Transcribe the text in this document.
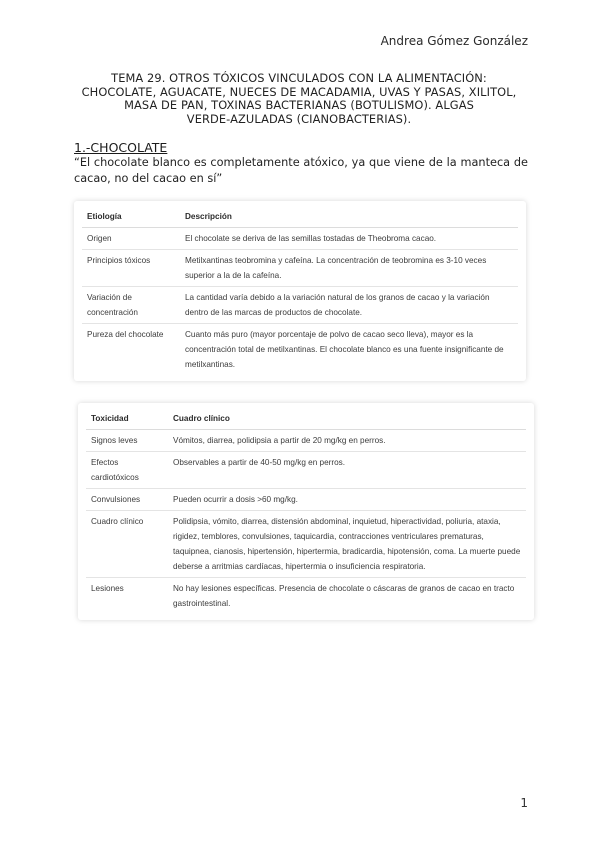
Andrea Gómez González
TEMA 29. OTROS TÓXICOS VINCULADOS CON LA ALIMENTACIÓN:
CHOCOLATE, AGUACATE, NUECES DE MACADAMIA, UVAS Y PASAS, XILITOL,
MASA DE PAN, TOXINAS BACTERIANAS (BOTULISMO). ALGAS
VERDE-AZULADAS (CIANOBACTERIAS).
1.-CHOCOLATE
“El chocolate blanco es completamente atóxico, ya que viene de la manteca de cacao, no del cacao en sí”
Etiología	Descripción
Origen	El chocolate se deriva de las semillas tostadas de Theobroma cacao.
Principios tóxicos	Metilxantinas teobromina y cafeína. La concentración de teobromina es 3-10 veces superior a la de la cafeína.
Variación de concentración	La cantidad varía debido a la variación natural de los granos de cacao y la variación dentro de las marcas de productos de chocolate.
Pureza del chocolate	Cuanto más puro (mayor porcentaje de polvo de cacao seco lleva), mayor es la concentración total de metilxantinas. El chocolate blanco es una fuente insignificante de metilxantinas.
Toxicidad	Cuadro clínico
Signos leves	Vómitos, diarrea, polidipsia a partir de 20 mg/kg en perros.
Efectos cardiotóxicos	Observables a partir de 40-50 mg/kg en perros.
Convulsiones	Pueden ocurrir a dosis >60 mg/kg.
Cuadro clínico	Polidipsia, vómito, diarrea, distensión abdominal, inquietud, hiperactividad, poliuria, ataxia, rigidez, temblores, convulsiones, taquicardia, contracciones ventriculares prematuras, taquipnea, cianosis, hipertensión, hipertermia, bradicardia, hipotensión, coma. La muerte puede deberse a arritmias cardíacas, hipertermia o insuficiencia respiratoria.
Lesiones	No hay lesiones específicas. Presencia de chocolate o cáscaras de granos de cacao en tracto gastrointestinal.
1
